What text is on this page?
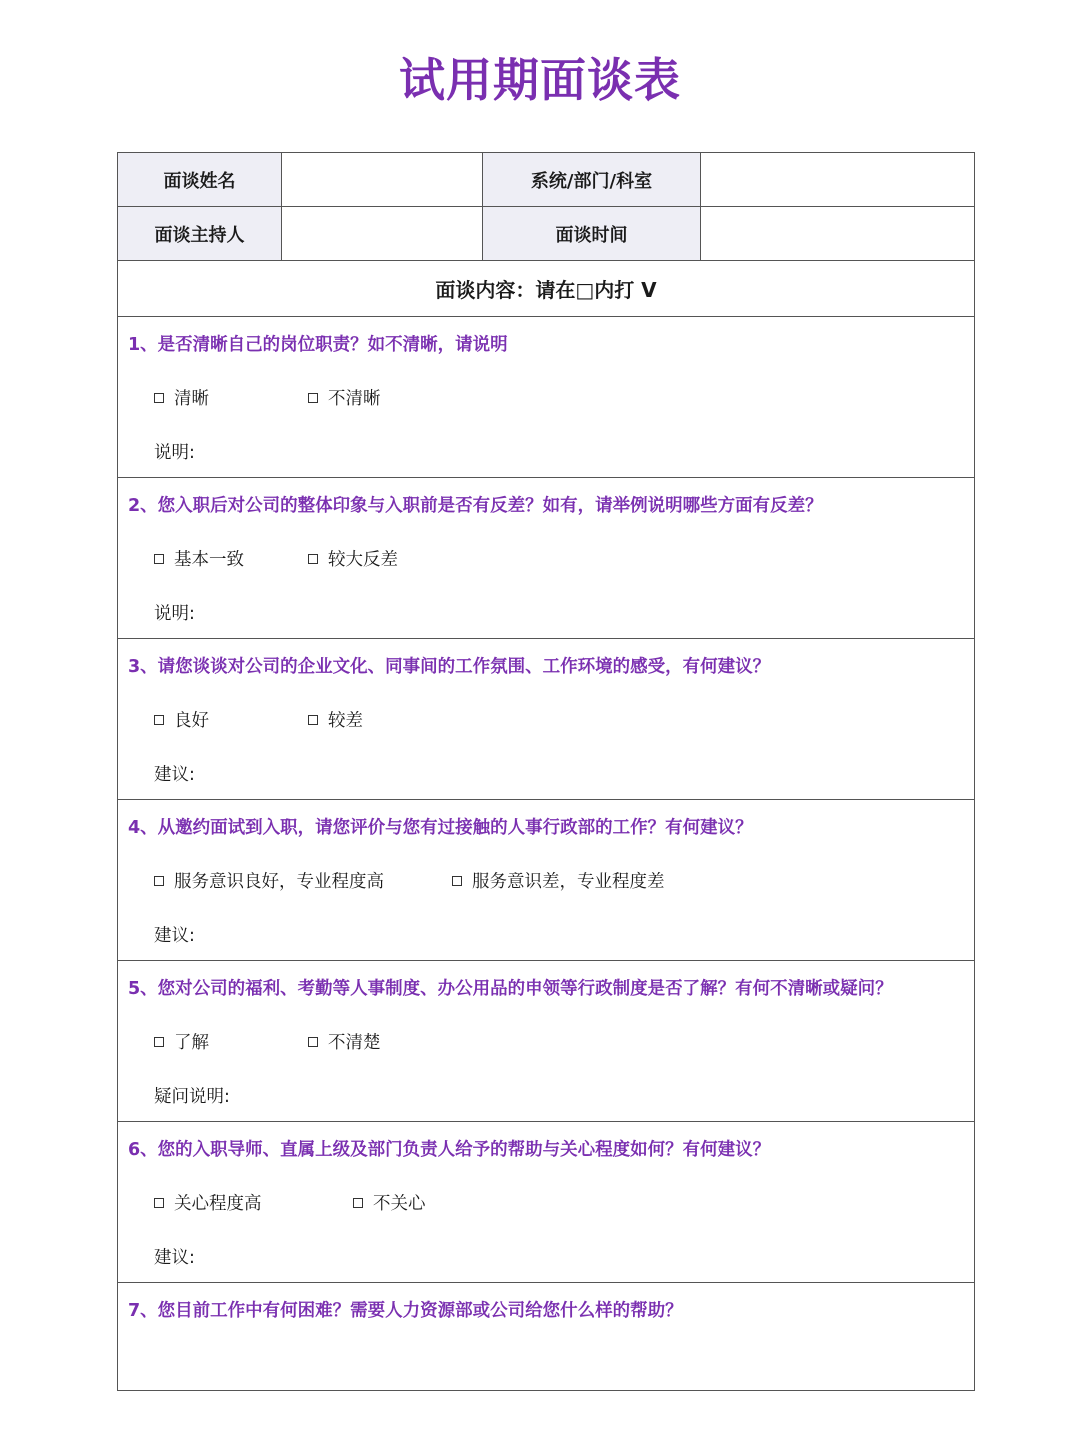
试用期面谈表
面谈姓名	系统/部门/科室
面谈主持人	面谈时间
面谈内容：请在□内打 V
1、是否清晰自己的岗位职责？如不清晰，请说明
清晰	不清晰
说明:
2、您入职后对公司的整体印象与入职前是否有反差？如有，请举例说明哪些方面有反差？
基本一致	较大反差
说明:
3、请您谈谈对公司的企业文化、同事间的工作氛围、工作环境的感受，有何建议？
良好	较差
建议:
4、从邀约面试到入职，请您评价与您有过接触的人事行政部的工作？有何建议？
服务意识良好，专业程度高	服务意识差，专业程度差
建议:
5、您对公司的福利、考勤等人事制度、办公用品的申领等行政制度是否了解？有何不清晰或疑问？
了解	不清楚
疑问说明:
6、您的入职导师、直属上级及部门负责人给予的帮助与关心程度如何？有何建议？
关心程度高	不关心
建议:
7、您目前工作中有何困难？需要人力资源部或公司给您什么样的帮助？
